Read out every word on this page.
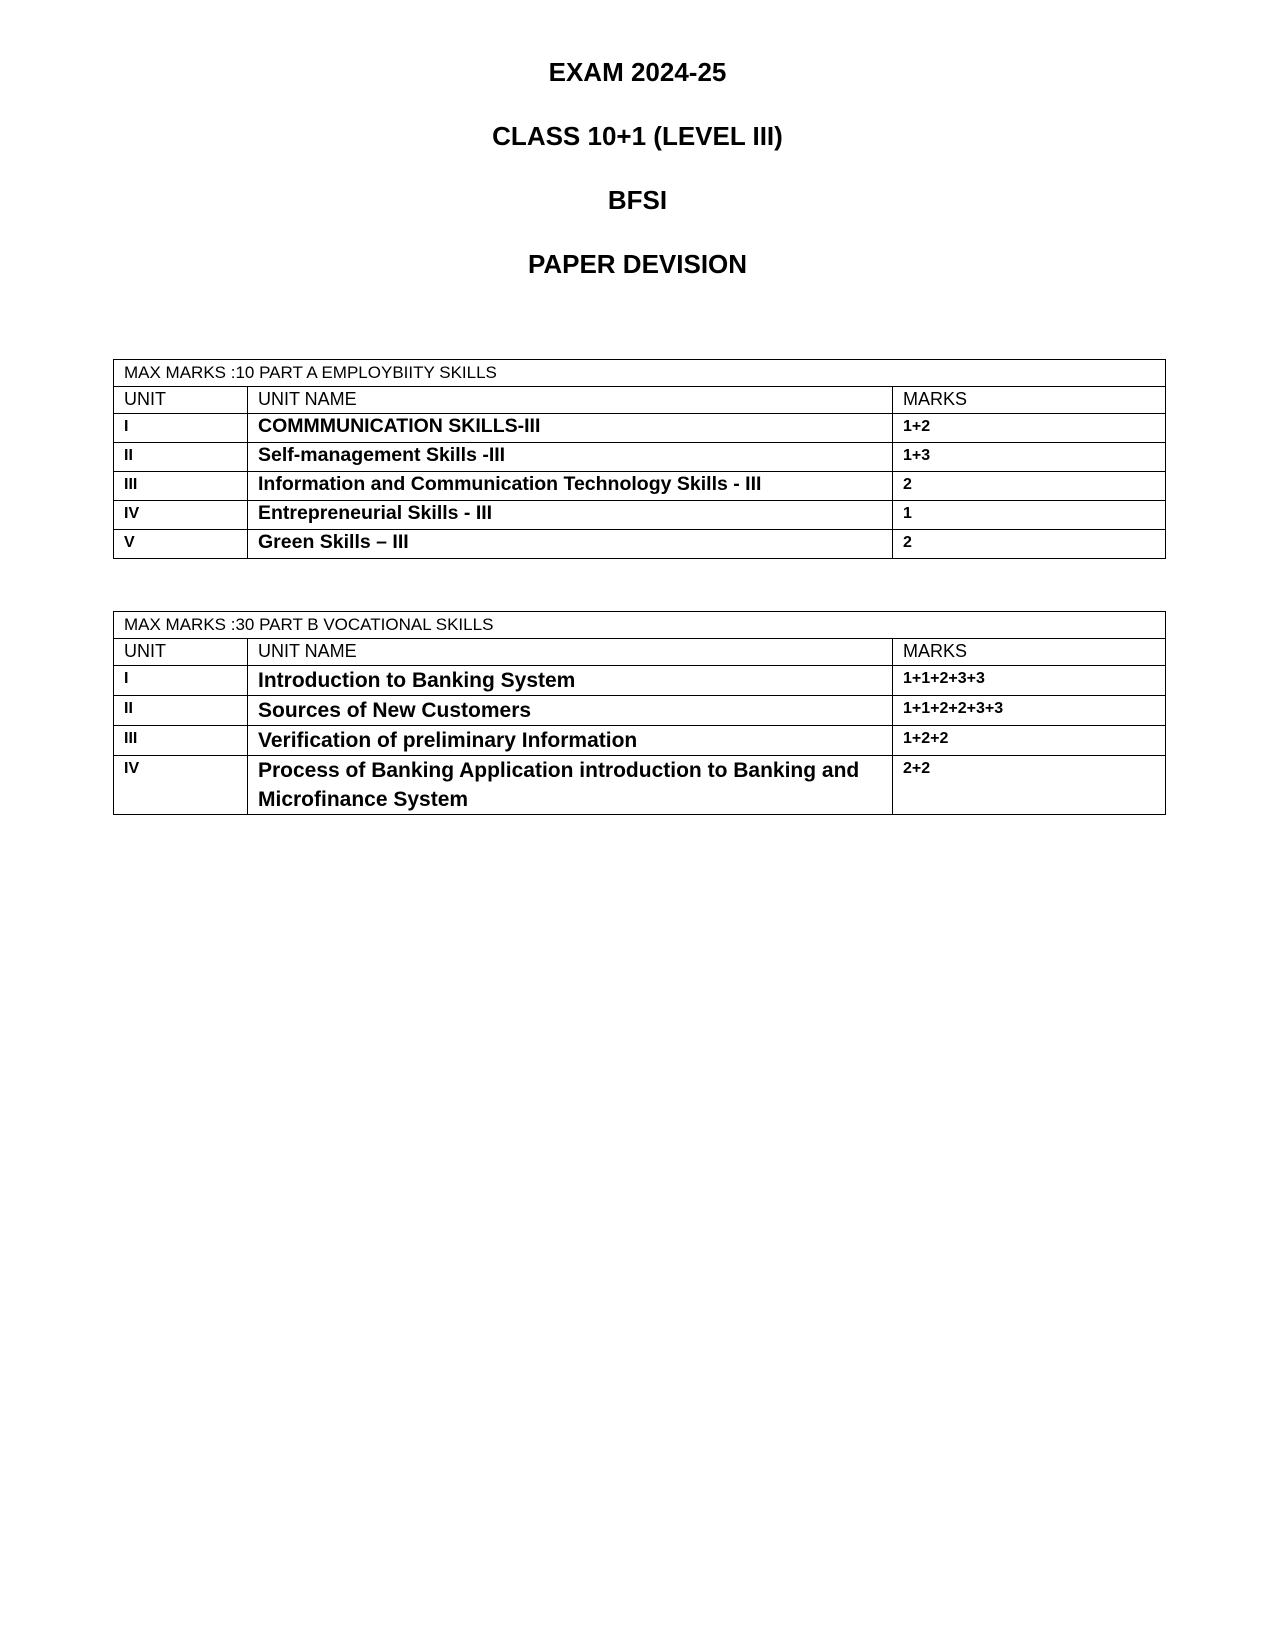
EXAM 2024-25
CLASS 10+1 (LEVEL III)
BFSI
PAPER DEVISION
MAX MARKS :10 PART A EMPLOYBIITY SKILLS		
UNIT	UNIT NAME	MARKS
I	COMMMUNICATION SKILLS-III	1+2
II	Self-management Skills -III	1+3
III	Information and Communication Technology Skills - III	2
IV	Entrepreneurial Skills - III	1
V	Green Skills – III	2
MAX MARKS :30 PART B VOCATIONAL SKILLS		
UNIT	UNIT NAME	MARKS
I	Introduction to Banking System	1+1+2+3+3
II	Sources of New Customers	1+1+2+2+3+3
III	Verification of preliminary Information	1+2+2
IV	Process of Banking Application introduction to Banking and Microfinance System	2+2
